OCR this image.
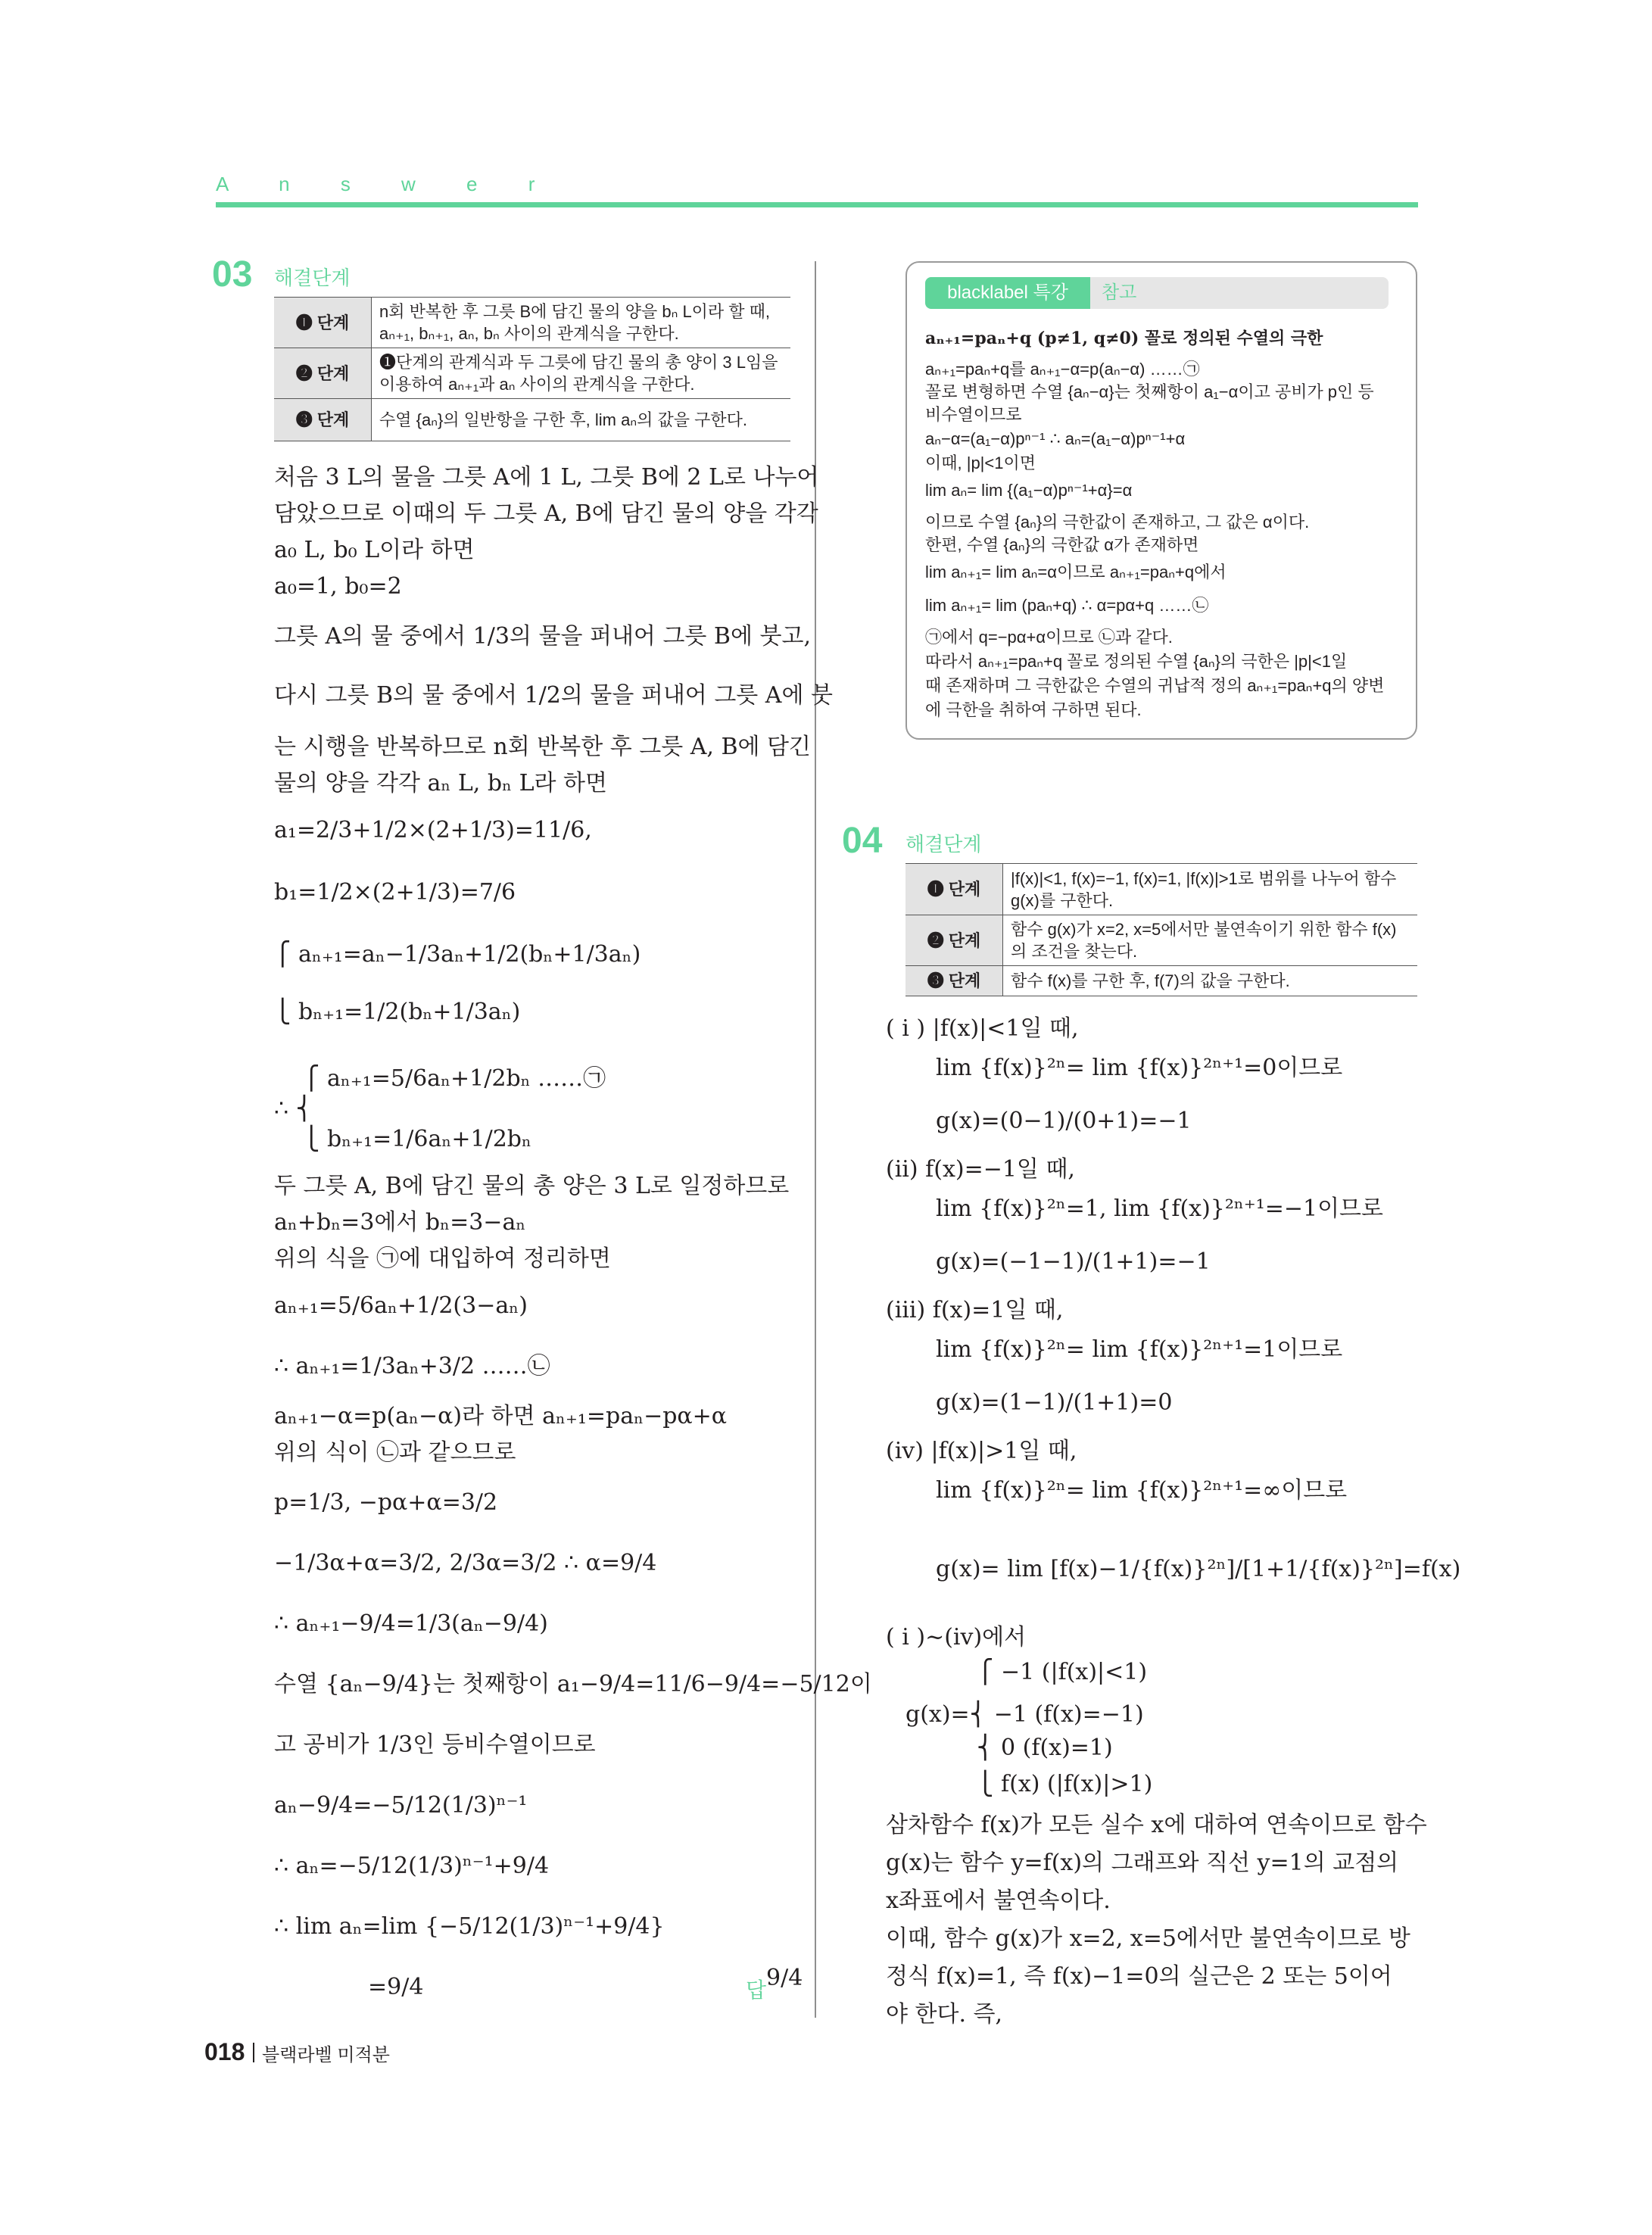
A n s w e r
03 해결단계
❶ 단계	n회 반복한 후 그릇 B에 담긴 물의 양을 bₙ L이라 할 때, aₙ₊₁, bₙ₊₁, aₙ, bₙ 사이의 관계식을 구한다.
❷ 단계	❶단계의 관계식과 두 그릇에 담긴 물의 총 양이 3 L임을 이용하여 aₙ₊₁과 aₙ 사이의 관계식을 구한다.
❸ 단계	수열 {aₙ}의 일반항을 구한 후, lim aₙ의 값을 구한다.
처음 3 L의 물을 그릇 A에 1 L, 그릇 B에 2 L로 나누어
담았으므로 이때의 두 그릇 A, B에 담긴 물의 양을 각각
a₀ L, b₀ L이라 하면
a₀=1, b₀=2
그릇 A의 물 중에서 1/3의 물을 퍼내어 그릇 B에 붓고,
다시 그릇 B의 물 중에서 1/2의 물을 퍼내어 그릇 A에 붓
는 시행을 반복하므로 n회 반복한 후 그릇 A, B에 담긴
물의 양을 각각 aₙ L, bₙ L라 하면
a₁=2/3+1/2×(2+1/3)=11/6,
b₁=1/2×(2+1/3)=7/6
⎧ aₙ₊₁=aₙ−1/3aₙ+1/2(bₙ+1/3aₙ)
⎩ bₙ₊₁=1/2(bₙ+1/3aₙ)
⎧ aₙ₊₁=5/6aₙ+1/2bₙ ……㉠
∴ ⎨
⎩ bₙ₊₁=1/6aₙ+1/2bₙ
두 그릇 A, B에 담긴 물의 총 양은 3 L로 일정하므로
aₙ+bₙ=3에서 bₙ=3−aₙ
위의 식을 ㉠에 대입하여 정리하면
aₙ₊₁=5/6aₙ+1/2(3−aₙ)
∴ aₙ₊₁=1/3aₙ+3/2 ……㉡
aₙ₊₁−α=p(aₙ−α)라 하면 aₙ₊₁=paₙ−pα+α
위의 식이 ㉡과 같으므로
p=1/3, −pα+α=3/2
−1/3α+α=3/2, 2/3α=3/2 ∴ α=9/4
∴ aₙ₊₁−9/4=1/3(aₙ−9/4)
수열 {aₙ−9/4}는 첫째항이 a₁−9/4=11/6−9/4=−5/12이
고 공비가 1/3인 등비수열이므로
aₙ−9/4=−5/12(1/3)ⁿ⁻¹
∴ aₙ=−5/12(1/3)ⁿ⁻¹+9/4
∴ lim aₙ=lim {−5/12(1/3)ⁿ⁻¹+9/4}
=9/4	답 9/4
blacklabel 특강	참고
aₙ₊₁=paₙ+q (p≠1, q≠0) 꼴로 정의된 수열의 극한
aₙ₊₁=paₙ+q를 aₙ₊₁−α=p(aₙ−α) ……㉠
꼴로 변형하면 수열 {aₙ−α}는 첫째항이 a₁−α이고 공비가 p인 등
비수열이므로
aₙ−α=(a₁−α)pⁿ⁻¹ ∴ aₙ=(a₁−α)pⁿ⁻¹+α
이때, |p|<1이면
lim aₙ= lim {(a₁−α)pⁿ⁻¹+α}=α
이므로 수열 {aₙ}의 극한값이 존재하고, 그 값은 α이다.
한편, 수열 {aₙ}의 극한값 α가 존재하면
lim aₙ₊₁= lim aₙ=α이므로 aₙ₊₁=paₙ+q에서
lim aₙ₊₁= lim (paₙ+q) ∴ α=pα+q ……㉡
㉠에서 q=−pα+α이므로 ㉡과 같다.
따라서 aₙ₊₁=paₙ+q 꼴로 정의된 수열 {aₙ}의 극한은 |p|<1일
때 존재하며 그 극한값은 수열의 귀납적 정의 aₙ₊₁=paₙ+q의 양변
에 극한을 취하여 구하면 된다.
04 해결단계
❶ 단계	|f(x)|<1, f(x)=−1, f(x)=1, |f(x)|>1로 범위를 나누어 함수 g(x)를 구한다.
❷ 단계	함수 g(x)가 x=2, x=5에서만 불연속이기 위한 함수 f(x)의 조건을 찾는다.
❸ 단계	함수 f(x)를 구한 후, f(7)의 값을 구한다.
( i ) |f(x)|<1일 때,
lim {f(x)}²ⁿ= lim {f(x)}²ⁿ⁺¹=0이므로
g(x)=(0−1)/(0+1)=−1
(ii) f(x)=−1일 때,
lim {f(x)}²ⁿ=1, lim {f(x)}²ⁿ⁺¹=−1이므로
g(x)=(−1−1)/(1+1)=−1
(iii) f(x)=1일 때,
lim {f(x)}²ⁿ= lim {f(x)}²ⁿ⁺¹=1이므로
g(x)=(1−1)/(1+1)=0
(iv) |f(x)|>1일 때,
lim {f(x)}²ⁿ= lim {f(x)}²ⁿ⁺¹=∞이므로
g(x)= lim [f(x)−1/{f(x)}²ⁿ]/[1+1/{f(x)}²ⁿ]=f(x)
( i )~(iv)에서
⎧ −1 (|f(x)|<1)
g(x)=⎨ −1 (f(x)=−1)
⎨ 0 (f(x)=1)
⎩ f(x) (|f(x)|>1)
삼차함수 f(x)가 모든 실수 x에 대하여 연속이므로 함수
g(x)는 함수 y=f(x)의 그래프와 직선 y=1의 교점의
x좌표에서 불연속이다.
이때, 함수 g(x)가 x=2, x=5에서만 불연속이므로 방
정식 f(x)=1, 즉 f(x)−1=0의 실근은 2 또는 5이어
야 한다. 즉,
018 블랙라벨 미적분
